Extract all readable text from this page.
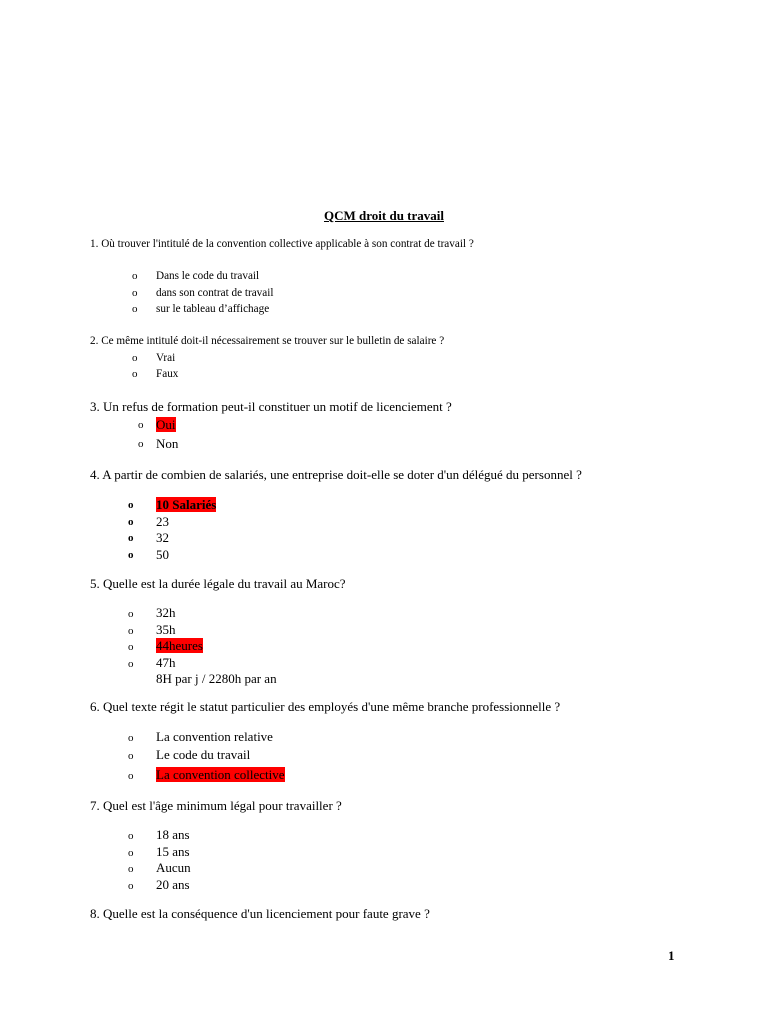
QCM droit du travail
1. Où trouver l'intitulé de la convention collective applicable à son contrat de travail ?
o Dans le code du travail
o dans son contrat de travail
o sur le tableau d’affichage
2. Ce même intitulé doit-il nécessairement se trouver sur le bulletin de salaire ?
o Vrai
o Faux
3. Un refus de formation peut-il constituer un motif de licenciement ?
o Oui
o Non
4. A partir de combien de salariés, une entreprise doit-elle se doter d'un délégué du personnel ?
o 10 Salariés
o 23
o 32
o 50
5. Quelle est la durée légale du travail au Maroc?
o 32h
o 35h
o 44heures
o 47h
8H par j / 2280h par an
6. Quel texte régit le statut particulier des employés d'une même branche professionnelle ?
o La convention relative
o Le code du travail
o La convention collective
7. Quel est l'âge minimum légal pour travailler ?
o 18 ans
o 15 ans
o Aucun
o 20 ans
8. Quelle est la conséquence d'un licenciement pour faute grave ?
1
